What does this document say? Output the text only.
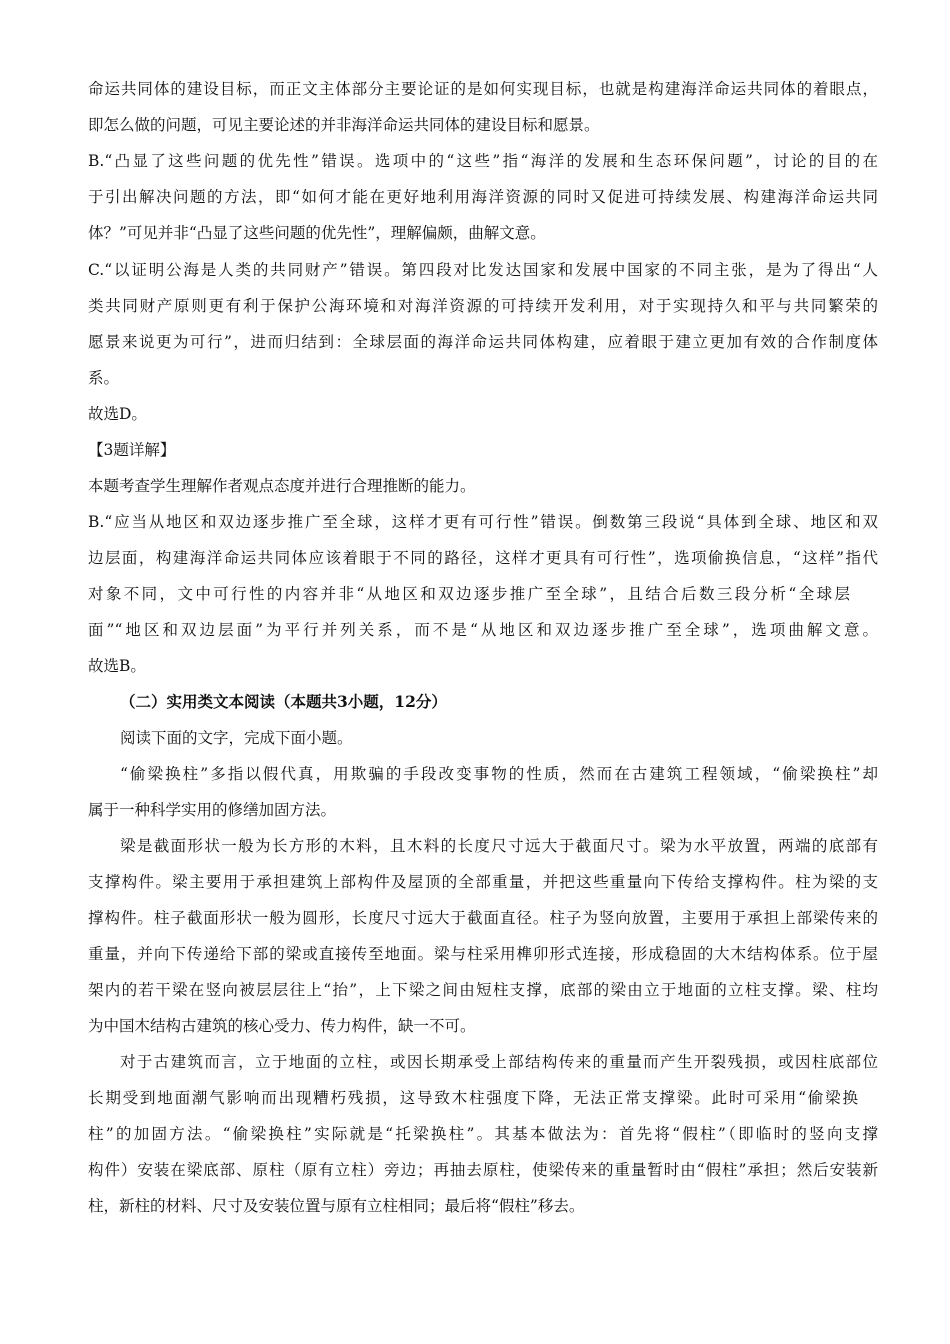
命运共同体的建设目标，而正文主体部分主要论证的是如何实现目标，也就是构建海洋命运共同体的着眼点，
即怎么做的问题，可见主要论述的并非海洋命运共同体的建设目标和愿景。
B.“凸显了这些问题的优先性”错误。选项中的“这些”指“海洋的发展和生态环保问题”，讨论的目的在
于引出解决问题的方法，即“如何才能在更好地利用海洋资源的同时又促进可持续发展、构建海洋命运共同
体？”可见并非“凸显了这些问题的优先性”，理解偏颇，曲解文意。
C.“以证明公海是人类的共同财产”错误。第四段对比发达国家和发展中国家的不同主张，是为了得出“人
类共同财产原则更有利于保护公海环境和对海洋资源的可持续开发利用，对于实现持久和平与共同繁荣的
愿景来说更为可行”，进而归结到：全球层面的海洋命运共同体构建，应着眼于建立更加有效的合作制度体
系。
故选D。
【3题详解】
本题考查学生理解作者观点态度并进行合理推断的能力。
B.“应当从地区和双边逐步推广至全球，这样才更有可行性”错误。倒数第三段说“具体到全球、地区和双
边层面，构建海洋命运共同体应该着眼于不同的路径，这样才更具有可行性”，选项偷换信息，“这样”指代
对象不同，文中可行性的内容并非“从地区和双边逐步推广至全球”，且结合后数三段分析“全球层
面”“地区和双边层面”为平行并列关系，而不是“从地区和双边逐步推广至全球”，选项曲解文意。
故选B。
（二）实用类文本阅读（本题共3小题，12分）
阅读下面的文字，完成下面小题。
“偷梁换柱”多指以假代真，用欺骗的手段改变事物的性质，然而在古建筑工程领域，“偷梁换柱”却
属于一种科学实用的修缮加固方法。
梁是截面形状一般为长方形的木料，且木料的长度尺寸远大于截面尺寸。梁为水平放置，两端的底部有
支撑构件。梁主要用于承担建筑上部构件及屋顶的全部重量，并把这些重量向下传给支撑构件。柱为梁的支
撑构件。柱子截面形状一般为圆形，长度尺寸远大于截面直径。柱子为竖向放置，主要用于承担上部梁传来的
重量，并向下传递给下部的梁或直接传至地面。梁与柱采用榫卯形式连接，形成稳固的大木结构体系。位于屋
架内的若干梁在竖向被层层往上“抬”，上下梁之间由短柱支撑，底部的梁由立于地面的立柱支撑。梁、柱均
为中国木结构古建筑的核心受力、传力构件，缺一不可。
对于古建筑而言，立于地面的立柱，或因长期承受上部结构传来的重量而产生开裂残损，或因柱底部位
长期受到地面潮气影响而出现糟朽残损，这导致木柱强度下降，无法正常支撑梁。此时可采用“偷梁换
柱”的加固方法。“偷梁换柱”实际就是“托梁换柱”。其基本做法为：首先将“假柱”（即临时的竖向支撑
构件）安装在梁底部、原柱（原有立柱）旁边；再抽去原柱，使梁传来的重量暂时由“假柱”承担；然后安装新
柱，新柱的材料、尺寸及安装位置与原有立柱相同；最后将“假柱”移去。
